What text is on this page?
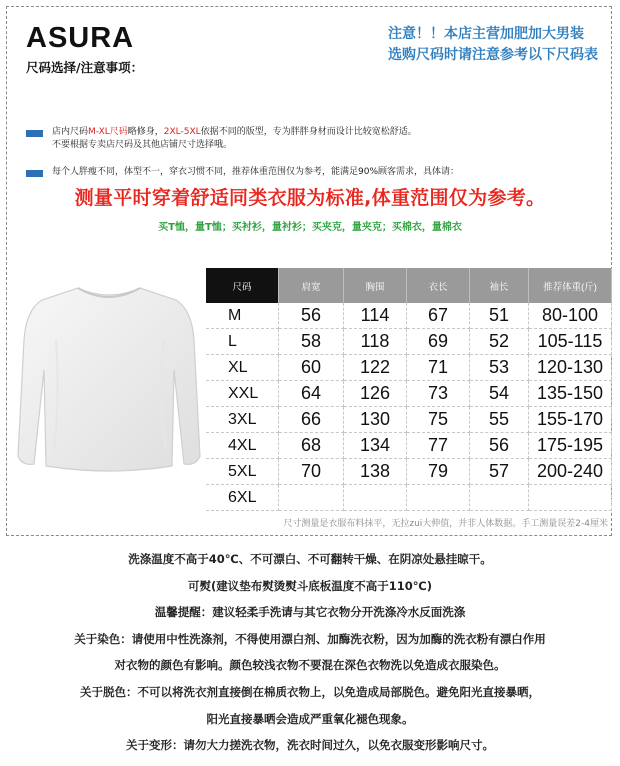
ASURA
尺码选择/注意事项：
注意！！本店主营加肥加大男装
选购尺码时请注意参考以下尺码表
店内尺码M-XL尺码略修身，2XL-5XL依据不同的版型，专为胖胖身材而设计比较宽松舒适。
不要根据专卖店尺码及其他店铺尺寸选择哦。
每个人胖瘦不同，体型不一，穿衣习惯不同，推荐体重范围仅为参考，能满足90%顾客需求，具体请：
测量平时穿着舒适同类衣服为标准,体重范围仅为参考。
买T恤，量T恤；买衬衫，量衬衫；买夹克，量夹克；买棉衣，量棉衣
尺码	肩宽	胸围	衣长	袖长	推荐体重(斤)
M	56	114	67	51	80-100
L	58	118	69	52	105-115
XL	60	122	71	53	120-130
XXL	64	126	73	54	135-150
3XL	66	130	75	55	155-170
4XL	68	134	77	56	175-195
5XL	70	138	79	57	200-240
6XL					
尺寸测量是衣服布料抹平，无拉zui大伸值，并非人体数据。手工测量误差2-4厘米
洗涤温度不高于40℃、不可漂白、不可翻转干燥、在阴凉处悬挂晾干。
可熨(建议垫布熨烫熨斗底板温度不高于110℃)
温馨提醒：建议轻柔手洗请与其它衣物分开洗涤冷水反面洗涤
关于染色：请使用中性洗涤剂，不得使用漂白剂、加酶洗衣粉，因为加酶的洗衣粉有漂白作用
对衣物的颜色有影响。颜色较浅衣物不要混在深色衣物洗以免造成衣服染色。
关于脱色：不可以将洗衣剂直接倒在棉质衣物上，以免造成局部脱色。避免阳光直接暴晒，
阳光直接暴晒会造成严重氧化褪色现象。
关于变形：请勿大力搓洗衣物，洗衣时间过久，以免衣服变形影响尺寸。
